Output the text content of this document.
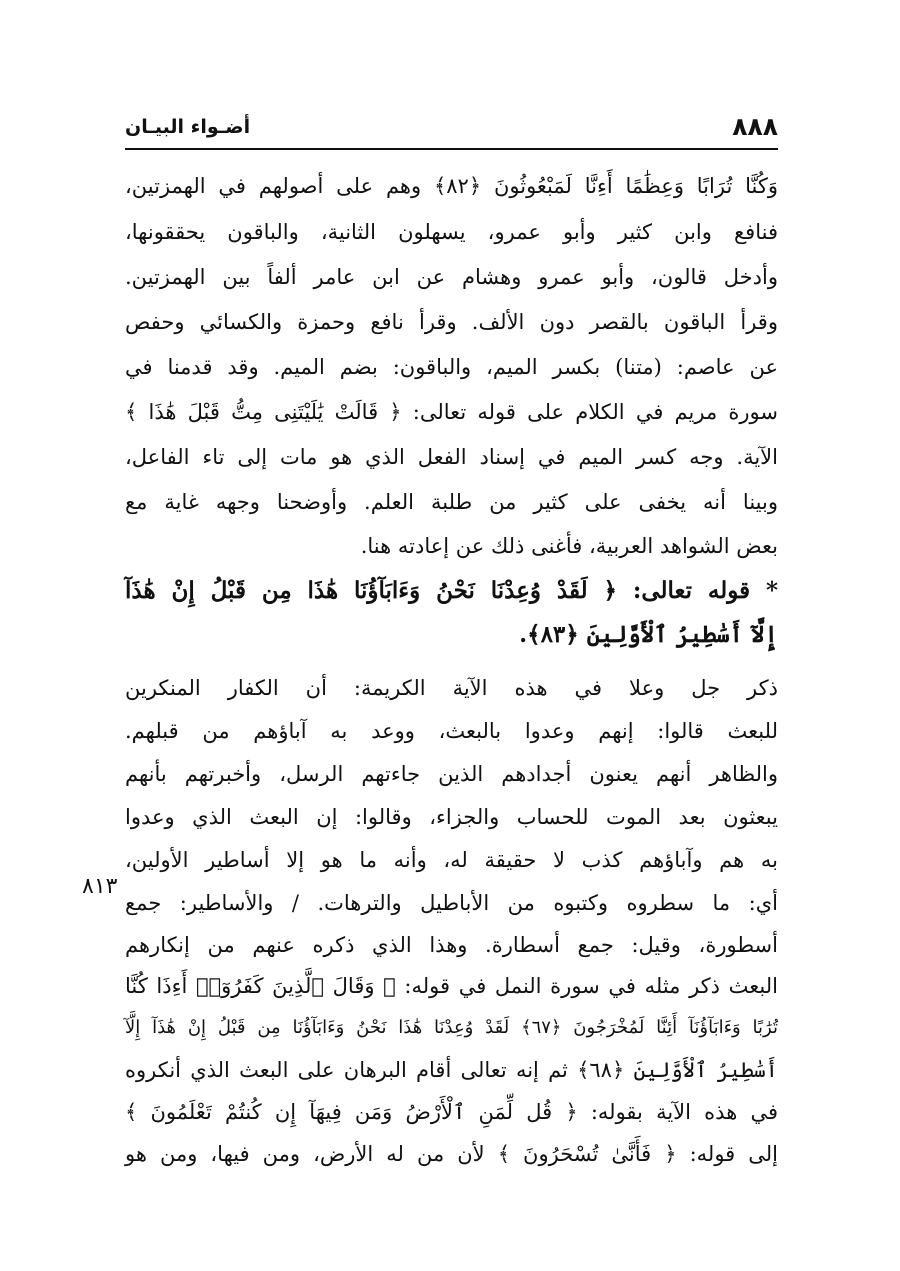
٨٨٨
أضـواء البيـان
٨١٣
وَكُنَّا تُرَابًا وَعِظَٰمًا أَءِنَّا لَمَبْعُوثُونَ ﴿٨٢﴾ وهم على أصولهم في الهمزتين،
فنافع وابن كثير وأبو عمرو، يسهلون الثانية، والباقون يحققونها،
وأدخل قالون، وأبو عمرو وهشام عن ابن عامر ألفاً بين الهمزتين.
وقرأ الباقون بالقصر دون الألف. وقرأ نافع وحمزة والكسائي وحفص
عن عاصم: (متنا) بكسر الميم، والباقون: بضم الميم. وقد قدمنا في
سورة مريم في الكلام على قوله تعالى: ﴿ قَالَتْ يَٰلَيْتَنِى مِتُّ قَبْلَ هَٰذَا ﴾
الآية. وجه كسر الميم في إسناد الفعل الذي هو مات إلى تاء الفاعل،
وبينا أنه يخفى على كثير من طلبة العلم. وأوضحنا وجهه غاية مع
بعض الشواهد العربية، فأغنى ذلك عن إعادته هنا.
* قوله تعالى: ﴿ لَقَدْ وُعِدْنَا نَحْنُ وَءَابَآؤُنَا هَٰذَا مِن قَبْلُ إِنْ هَٰذَآ
إِلَّآ أَسَٰطِيرُ ٱلْأَوَّلِينَ ﴿٨٣﴾.
ذكر جل وعلا في هذه الآية الكريمة: أن الكفار المنكرين
للبعث قالوا: إنهم وعدوا بالبعث، ووعد به آباؤهم من قبلهم.
والظاهر أنهم يعنون أجدادهم الذين جاءتهم الرسل، وأخبرتهم بأنهم
يبعثون بعد الموت للحساب والجزاء، وقالوا: إن البعث الذي وعدوا
به هم وآباؤهم كذب لا حقيقة له، وأنه ما هو إلا أساطير الأولين،
أي: ما سطروه وكتبوه من الأباطيل والترهات. / والأساطير: جمع
أسطورة، وقيل: جمع أسطارة. وهذا الذي ذكره عنهم من إنكارهم
البعث ذكر مثله في سورة النمل في قوله: ﴿ وَقَالَ ٱلَّذِينَ كَفَرُوٓا۟ أَءِذَا كُنَّا
تُرَٰبًا وَءَابَآؤُنَآ أَئِنَّا لَمُخْرَجُونَ ﴿٦٧﴾ لَقَدْ وُعِدْنَا هَٰذَا نَحْنُ وَءَابَآؤُنَا مِن قَبْلُ إِنْ هَٰذَآ إِلَّآ
أَسَٰطِيرُ ٱلْأَوَّلِينَ ﴿٦٨﴾ ثم إنه تعالى أقام البرهان على البعث الذي أنكروه
في هذه الآية بقوله: ﴿ قُل لِّمَنِ ٱلْأَرْضُ وَمَن فِيهَآ إِن كُنتُمْ تَعْلَمُونَ ﴾
إلى قوله: ﴿ فَأَنَّىٰ تُسْحَرُونَ ﴾ لأن من له الأرض، ومن فيها، ومن هو
